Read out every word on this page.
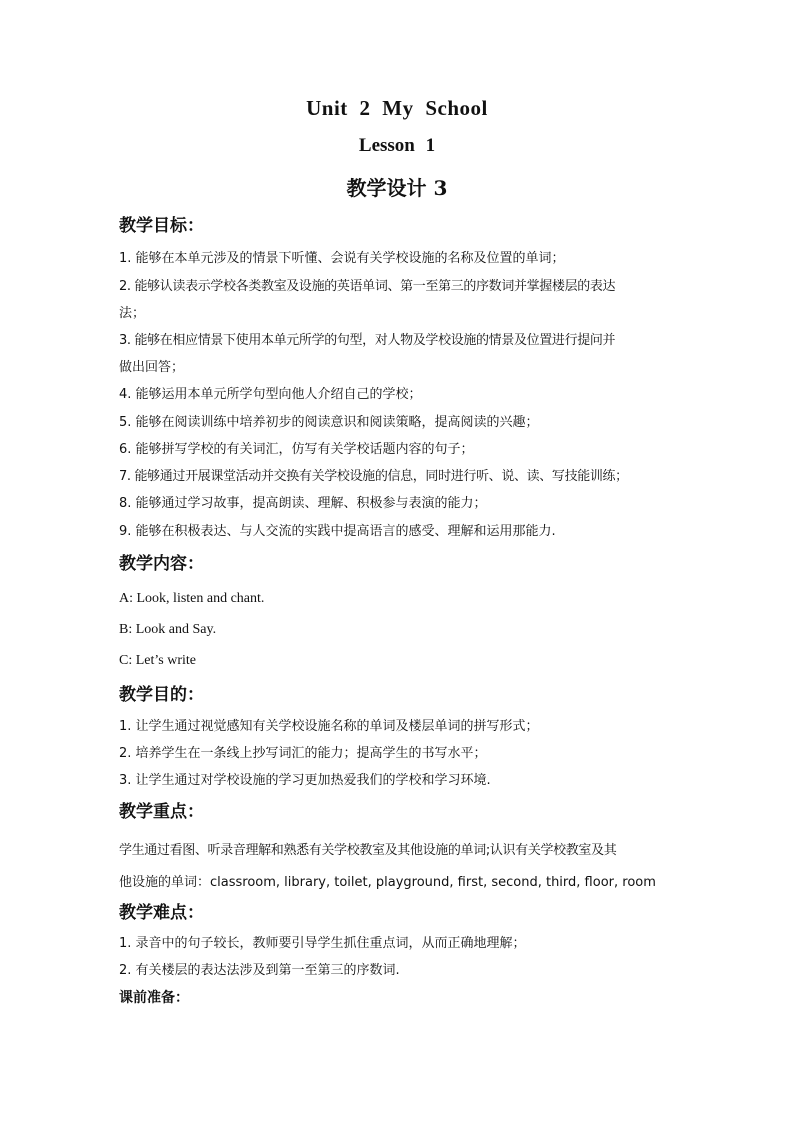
Unit 2 My School
Lesson 1
教学设计 3
教学目标：
1. 能够在本单元涉及的情景下听懂、会说有关学校设施的名称及位置的单词；
2. 能够认读表示学校各类教室及设施的英语单词、第一至第三的序数词并掌握楼层的表达
法；
3. 能够在相应情景下使用本单元所学的句型，对人物及学校设施的情景及位置进行提问并
做出回答；
4. 能够运用本单元所学句型向他人介绍自己的学校；
5. 能够在阅读训练中培养初步的阅读意识和阅读策略，提高阅读的兴趣；
6. 能够拼写学校的有关词汇，仿写有关学校话题内容的句子；
7. 能够通过开展课堂活动并交换有关学校设施的信息，同时进行听、说、读、写技能训练；
8. 能够通过学习故事，提高朗读、理解、积极参与表演的能力；
9. 能够在积极表达、与人交流的实践中提高语言的感受、理解和运用那能力.
教学内容：
A: Look, listen and chant.
B: Look and Say.
C: Let’s write
教学目的：
1. 让学生通过视觉感知有关学校设施名称的单词及楼层单词的拼写形式；
2. 培养学生在一条线上抄写词汇的能力；提高学生的书写水平；
3. 让学生通过对学校设施的学习更加热爱我们的学校和学习环境.
教学重点：
学生通过看图、听录音理解和熟悉有关学校教室及其他设施的单词;认识有关学校教室及其
他设施的单词：classroom, library, toilet, playground, first, second, third, floor, room
教学难点：
1. 录音中的句子较长，教师要引导学生抓住重点词，从而正确地理解；
2. 有关楼层的表达法涉及到第一至第三的序数词.
课前准备：
